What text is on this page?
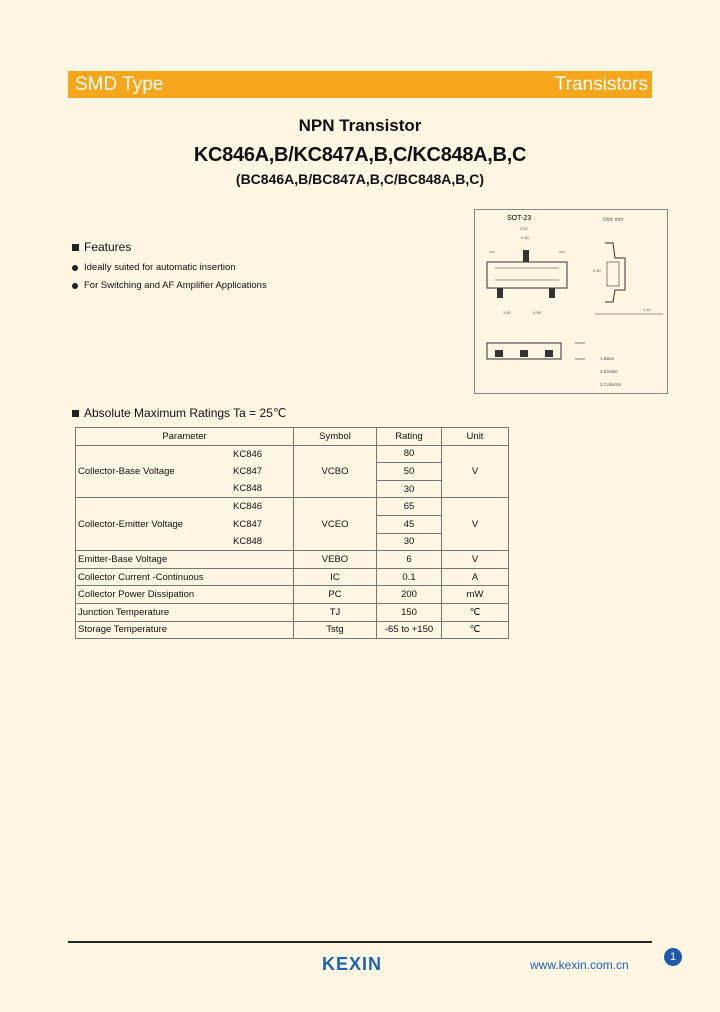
SMD Type	Transistors
NPN Transistor
KC846A,B/KC847A,B,C/KC848A,B,C
(BC846A,B/BC847A,B,C/BC848A,B,C)
SOT-23	Unit: mm
2.92
0.45
1.90	0.95
2.40
1.10
1.Base
2.Emitter
3.Collector
Features
Ideally suited for automatic insertion
For Switching and AF Amplifier Applications
Absolute Maximum Ratings Ta = 25℃
Parameter		Symbol	Rating	Unit
Collector-Base Voltage	KC846	VCBO	80	V
	KC847		50	
	KC848		30	
Collector-Emitter Voltage	KC846	VCEO	65	V
	KC847		45	
	KC848		30	
Emitter-Base Voltage		VEBO	6	V
Collector Current -Continuous		IC	0.1	A
Collector Power Dissipation		PC	200	mW
Junction Temperature		TJ	150	℃
Storage Temperature		Tstg	-65 to +150	℃
KEXIN	www.kexin.com.cn
1
